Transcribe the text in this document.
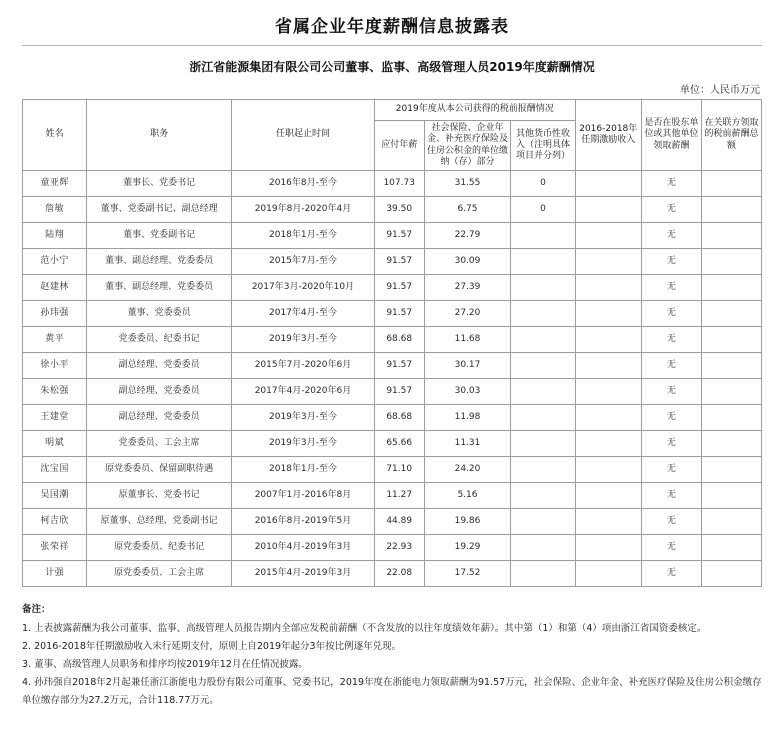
省属企业年度薪酬信息披露表
浙江省能源集团有限公司公司董事、监事、高级管理人员2019年度薪酬情况
单位：人民币万元
姓名	职务	任职起止时间	2019年度从本公司获得的税前报酬情况			2016-2018年任期激励收入	是否在股东单位或其他单位领取薪酬	在关联方领取的税前薪酬总额
			应付年薪	社会保险、企业年金、补充医疗保险及住房公积金的单位缴纳（存）部分	其他货币性收入（注明具体项目并分列）			
童亚辉	董事长、党委书记	2016年8月-至今	107.73	31.55	0		无	
詹敏	董事、党委副书记、副总经理	2019年8月-2020年4月	39.50	6.75	0		无	
陆翔	董事、党委副书记	2018年1月-至今	91.57	22.79			无	
范小宁	董事、副总经理、党委委员	2015年7月-至今	91.57	30.09			无	
赵建林	董事、副总经理、党委委员	2017年3月-2020年10月	91.57	27.39			无	
孙玮强	董事、党委委员	2017年4月-至今	91.57	27.20			无	
黄平	党委委员、纪委书记	2019年3月-至今	68.68	11.68			无	
徐小平	副总经理、党委委员	2015年7月-2020年6月	91.57	30.17			无	
朱松强	副总经理、党委委员	2017年4月-2020年6月	91.57	30.03			无	
王建堂	副总经理、党委委员	2019年3月-至今	68.68	11.98			无	
明斌	党委委员、工会主席	2019年3月-至今	65.66	11.31			无	
沈宝国	原党委委员、保留副职待遇	2018年1月-至今	71.10	24.20			无	
吴国潮	原董事长、党委书记	2007年1月-2016年8月	11.27	5.16			无	
柯吉欣	原董事、总经理、党委副书记	2016年8月-2019年5月	44.89	19.86			无	
张荣祥	原党委委员、纪委书记	2010年4月-2019年3月	22.93	19.29			无	
计强	原党委委员、工会主席	2015年4月-2019年3月	22.08	17.52			无	
备注：

1. 上表披露薪酬为我公司董事、监事、高级管理人员报告期内全部应发税前薪酬（不含发放的以往年度绩效年薪）。其中第（1）和第（4）项由浙江省国资委核定。

2. 2016-2018年任期激励收入未行延期支付，原则上自2019年起分3年按比例逐年兑现。

3. 董事、高级管理人员职务和排序均按2019年12月在任情况披露。

4. 孙玮强自2018年2月起兼任浙江浙能电力股份有限公司董事、党委书记，2019年度在浙能电力领取薪酬为91.57万元，社会保险、企业年金、补充医疗保险及住房公积金缴存单位缴存部分为27.2万元，合计118.77万元。
